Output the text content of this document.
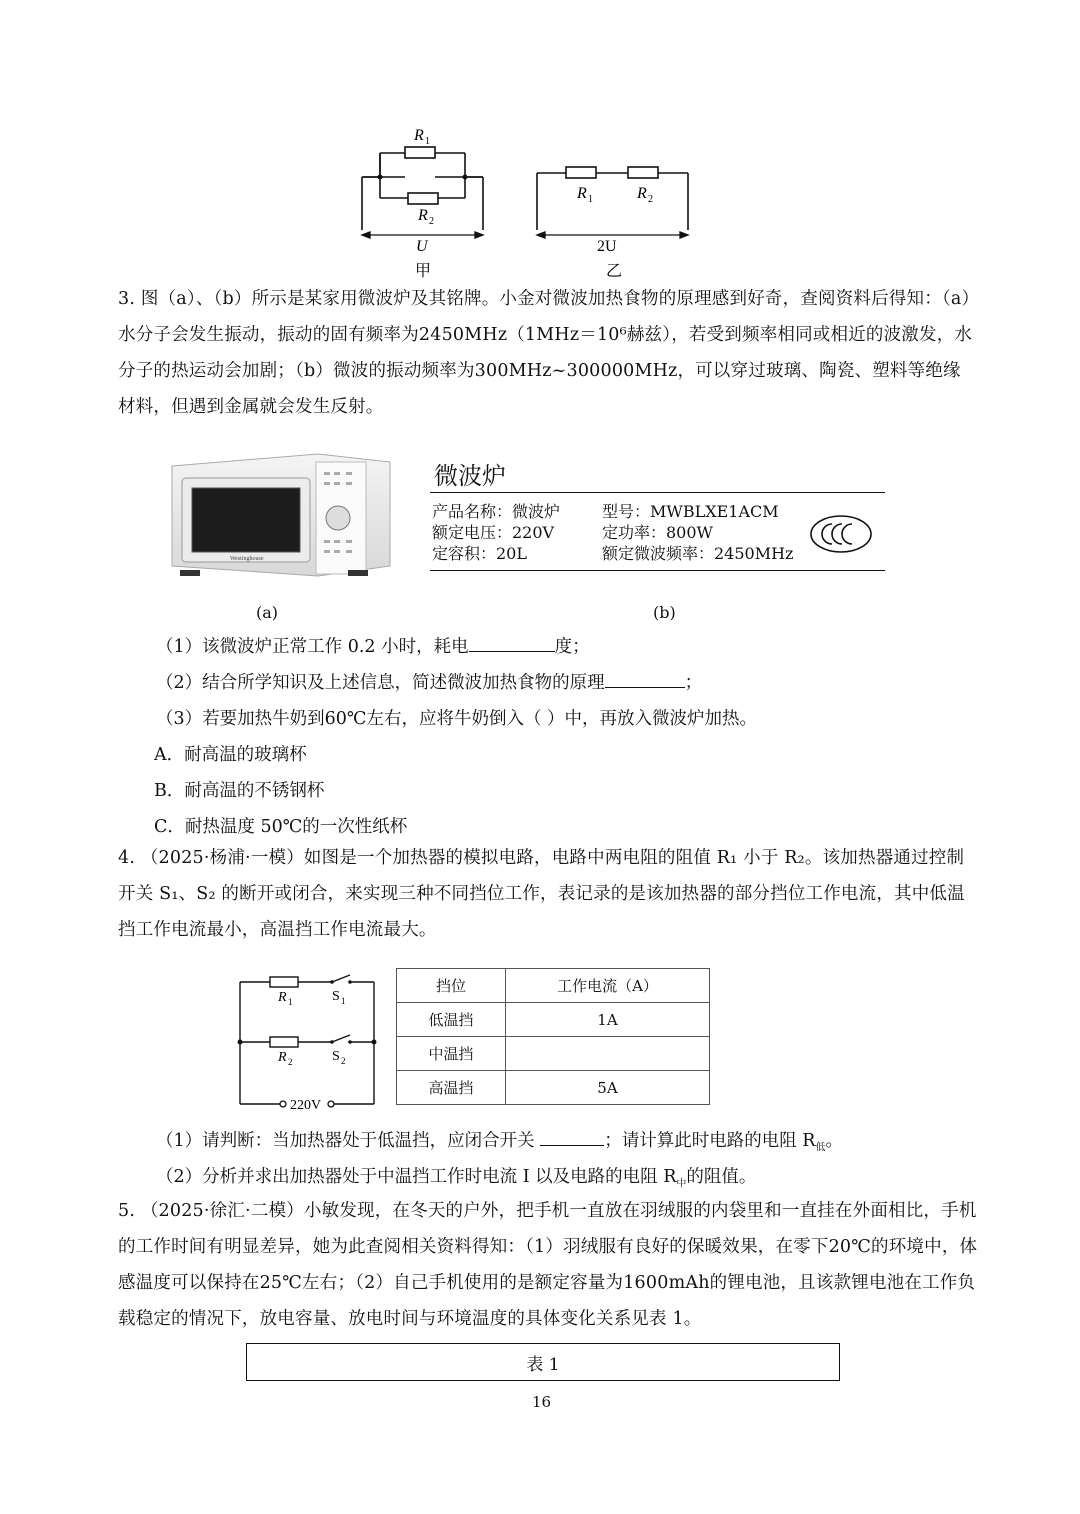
R 1
R 2
U
甲
R 1	R 2
2U
乙
3. 图（a）、（b）所示是某家用微波炉及其铭牌。小金对微波加热食物的原理感到好奇，查阅资料后得知：（a）水分子会发生振动，振动的固有频率为2450MHz（1MHz＝10⁶赫兹），若受到频率相同或相近的波激发，水分子的热运动会加剧；（b）微波的振动频率为300MHz~300000MHz，可以穿过玻璃、陶瓷、塑料等绝缘材料，但遇到金属就会发生反射。
Westinghouse
微波炉
产品名称：微波炉	型号：MWBLXE1ACM
额定电压：220V	定功率：800W
定容积：20L	额定微波频率：2450MHz
(a)	(b)
（1）该微波炉正常工作 0.2 小时，耗电	度；
（2）结合所学知识及上述信息，简述微波加热食物的原理	；
（3）若要加热牛奶到60℃左右，应将牛奶倒入（ ）中，再放入微波炉加热。
A．耐高温的玻璃杯
B．耐高温的不锈钢杯
C．耐热温度 50℃的一次性纸杯
4. （2025·杨浦·一模）如图是一个加热器的模拟电路，电路中两电阻的阻值 R₁ 小于 R₂。该加热器通过控制开关 S₁、S₂ 的断开或闭合，来实现三种不同挡位工作，表记录的是该加热器的部分挡位工作电流，其中低温挡工作电流最小，高温挡工作电流最大。
R 1	S 1
R 2	S 2
220V
挡位	工作电流（A）
低温挡	1A
中温挡	
高温挡	5A
（1）请判断：当加热器处于低温挡，应闭合开关	；请计算此时电路的电阻 $R_低$。
（2）分析并求出加热器处于中温挡工作时电流 I 以及电路的电阻 $R_中$的阻值。
5. （2025·徐汇·二模）小敏发现，在冬天的户外，把手机一直放在羽绒服的内袋里和一直挂在外面相比，手机的工作时间有明显差异，她为此查阅相关资料得知：（1）羽绒服有良好的保暖效果，在零下20℃的环境中，体感温度可以保持在25℃左右；（2）自己手机使用的是额定容量为1600mAh的锂电池，且该款锂电池在工作负载稳定的情况下，放电容量、放电时间与环境温度的具体变化关系见表 1。
表 1
16
